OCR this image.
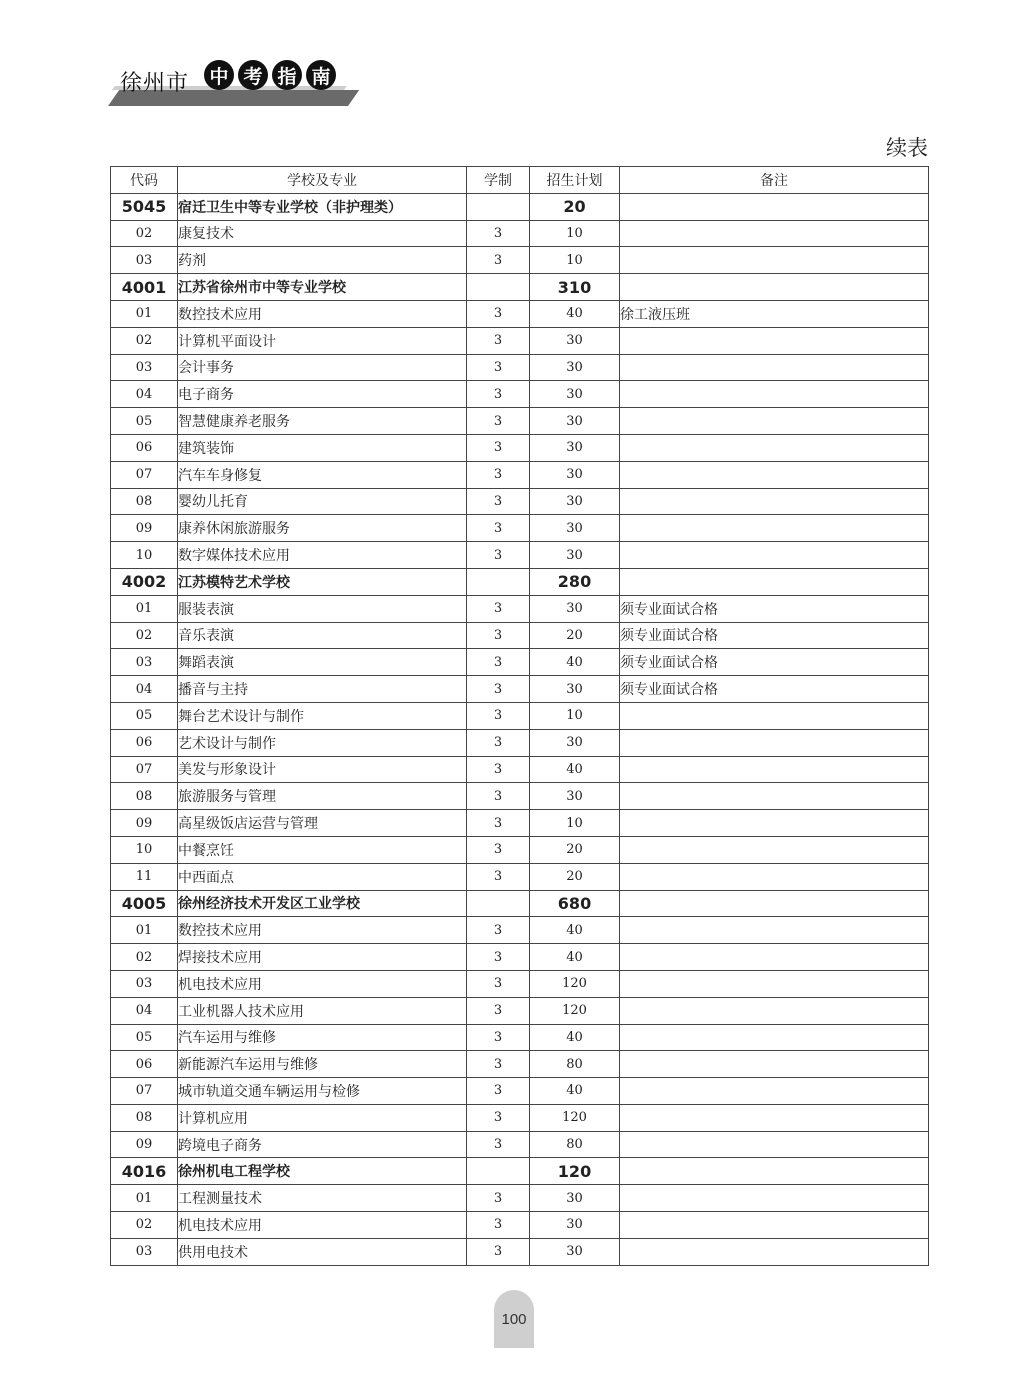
徐州市 中 考 指 南
续表
代码	学校及专业	学制	招生计划	备注
5045	宿迁卫生中等专业学校（非护理类）		20	
02	康复技术	3	10	
03	药剂	3	10	
4001	江苏省徐州市中等专业学校		310	
01	数控技术应用	3	40	徐工液压班
02	计算机平面设计	3	30	
03	会计事务	3	30	
04	电子商务	3	30	
05	智慧健康养老服务	3	30	
06	建筑装饰	3	30	
07	汽车车身修复	3	30	
08	婴幼儿托育	3	30	
09	康养休闲旅游服务	3	30	
10	数字媒体技术应用	3	30	
4002	江苏模特艺术学校		280	
01	服装表演	3	30	须专业面试合格
02	音乐表演	3	20	须专业面试合格
03	舞蹈表演	3	40	须专业面试合格
04	播音与主持	3	30	须专业面试合格
05	舞台艺术设计与制作	3	10	
06	艺术设计与制作	3	30	
07	美发与形象设计	3	40	
08	旅游服务与管理	3	30	
09	高星级饭店运营与管理	3	10	
10	中餐烹饪	3	20	
11	中西面点	3	20	
4005	徐州经济技术开发区工业学校		680	
01	数控技术应用	3	40	
02	焊接技术应用	3	40	
03	机电技术应用	3	120	
04	工业机器人技术应用	3	120	
05	汽车运用与维修	3	40	
06	新能源汽车运用与维修	3	80	
07	城市轨道交通车辆运用与检修	3	40	
08	计算机应用	3	120	
09	跨境电子商务	3	80	
4016	徐州机电工程学校		120	
01	工程测量技术	3	30	
02	机电技术应用	3	30	
03	供用电技术	3	30	
100
